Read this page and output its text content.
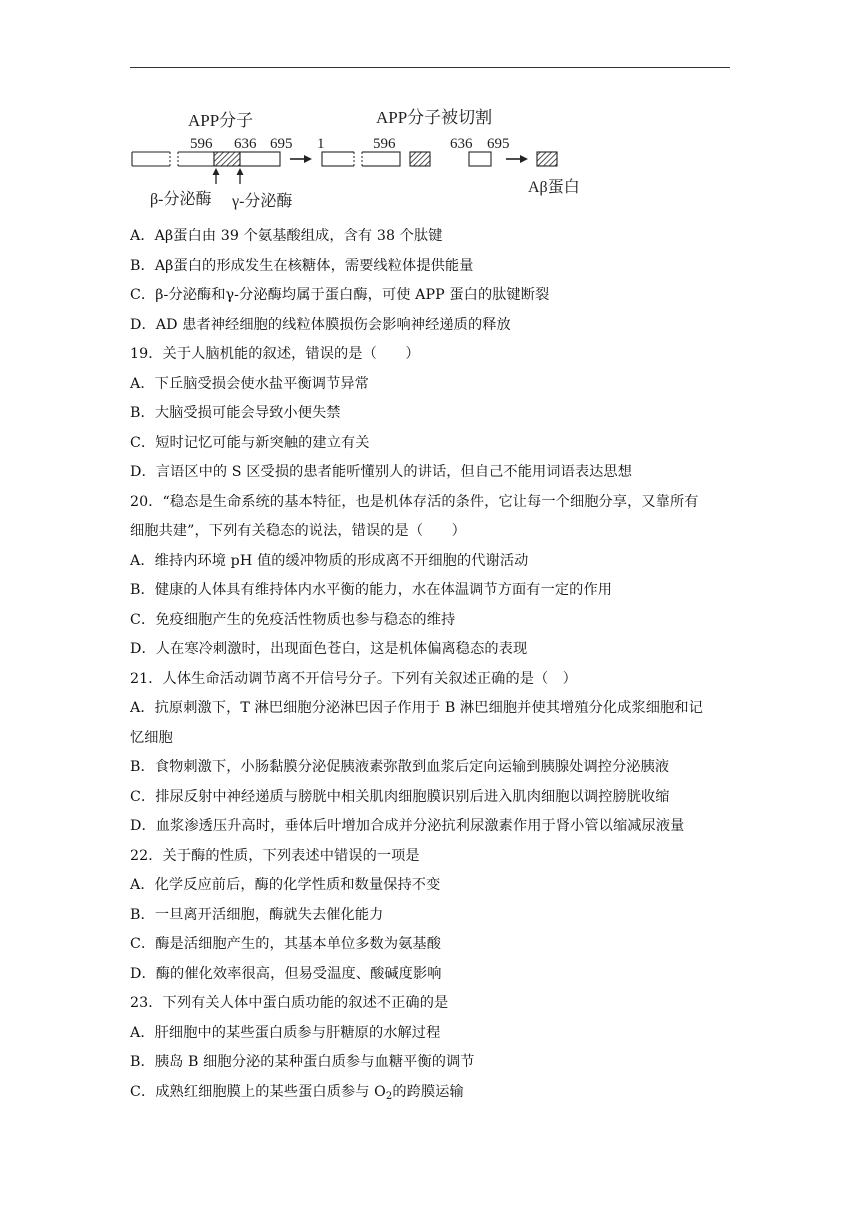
APP分子	APP分子被切割
596 636 695 1	596	636 695
β-分泌酶 γ-分泌酶
Aβ蛋白
A．Aβ蛋白由 39 个氨基酸组成，含有 38 个肽键
B．Aβ蛋白的形成发生在核糖体，需要线粒体提供能量
C．β-分泌酶和γ-分泌酶均属于蛋白酶，可使 APP 蛋白的肽键断裂
D．AD 患者神经细胞的线粒体膜损伤会影响神经递质的释放
19．关于人脑机能的叙述，错误的是（　　）
A．下丘脑受损会使水盐平衡调节异常
B．大脑受损可能会导致小便失禁
C．短时记忆可能与新突触的建立有关
D．言语区中的 S 区受损的患者能听懂别人的讲话，但自己不能用词语表达思想
20．“稳态是生命系统的基本特征，也是机体存活的条件，它让每一个细胞分享，又靠所有
细胞共建”，下列有关稳态的说法，错误的是（　　）
A．维持内环境 pH 值的缓冲物质的形成离不开细胞的代谢活动
B．健康的人体具有维持体内水平衡的能力，水在体温调节方面有一定的作用
C．免疫细胞产生的免疫活性物质也参与稳态的维持
D．人在寒冷刺激时，出现面色苍白，这是机体偏离稳态的表现
21．人体生命活动调节离不开信号分子。下列有关叙述正确的是（　）
A．抗原刺激下，T 淋巴细胞分泌淋巴因子作用于 B 淋巴细胞并使其增殖分化成浆细胞和记
忆细胞
B．食物刺激下，小肠黏膜分泌促胰液素弥散到血浆后定向运输到胰腺处调控分泌胰液
C．排尿反射中神经递质与膀胱中相关肌肉细胞膜识别后进入肌肉细胞以调控膀胱收缩
D．血浆渗透压升高时，垂体后叶增加合成并分泌抗利尿激素作用于肾小管以缩减尿液量
22．关于酶的性质，下列表述中错误的一项是
A．化学反应前后，酶的化学性质和数量保持不变
B．一旦离开活细胞，酶就失去催化能力
C．酶是活细胞产生的，其基本单位多数为氨基酸
D．酶的催化效率很高，但易受温度、酸碱度影响
23．下列有关人体中蛋白质功能的叙述不正确的是
A．肝细胞中的某些蛋白质参与肝糖原的水解过程
B．胰岛 B 细胞分泌的某种蛋白质参与血糖平衡的调节
C．成熟红细胞膜上的某些蛋白质参与 $O_2$的跨膜运输
